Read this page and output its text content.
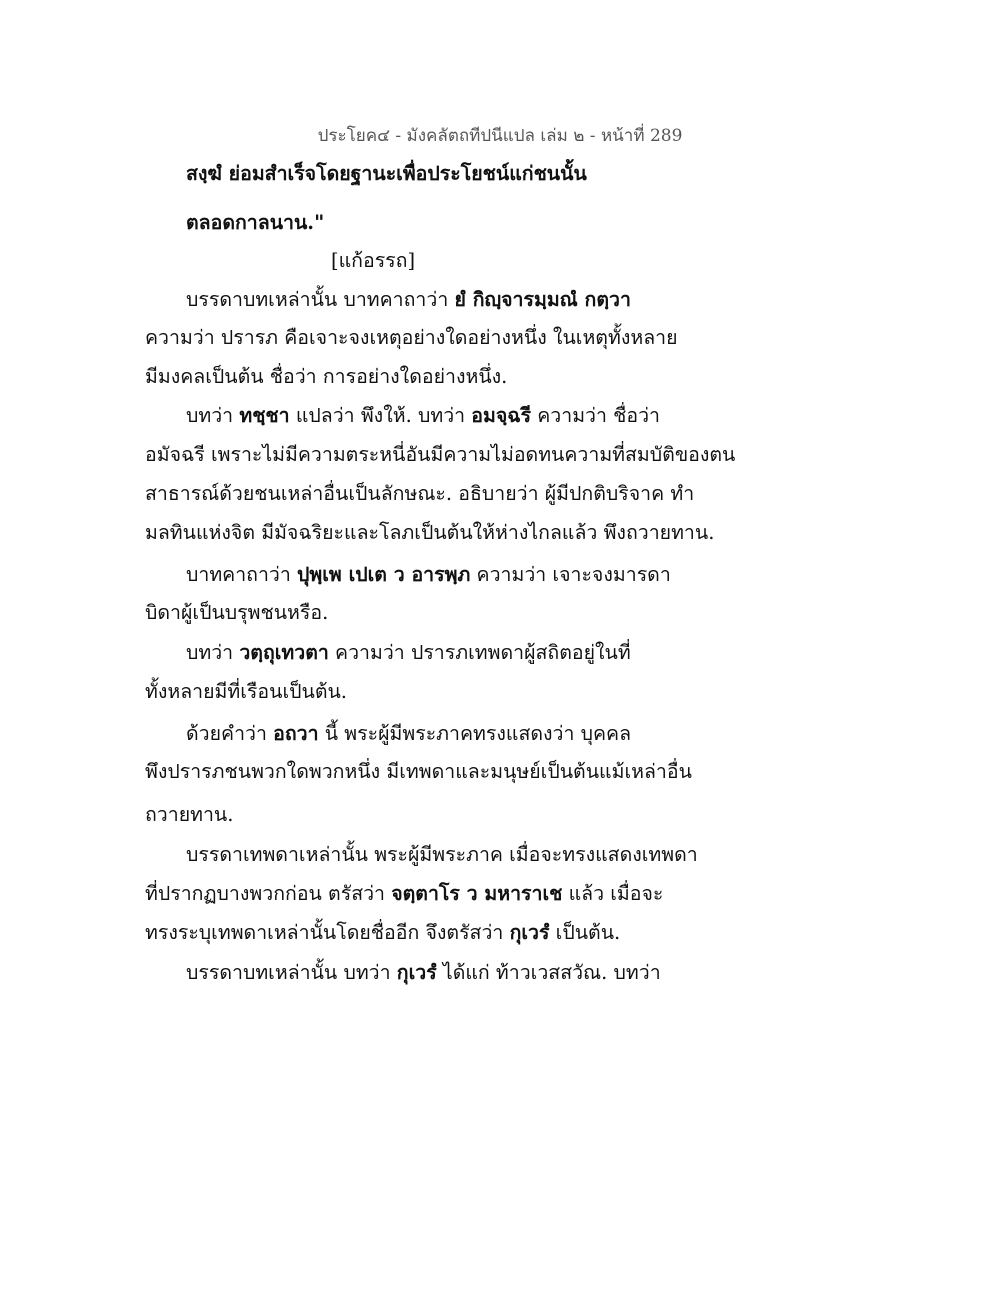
ประโยค๔ - มังคลัตถทีปนีแปล เล่ม ๒ - หน้าที่ 289
สงฺฆํ ย่อมสำเร็จโดยฐานะเพื่อประโยชน์แก่ชนนั้น
ตลอดกาลนาน."
[แก้อรรถ]
บรรดาบทเหล่านั้น บาทคาถาว่า ยํ กิญฺจารมฺมณํ กตฺวา
ความว่า ปรารภ คือเจาะจงเหตุอย่างใดอย่างหนึ่ง ในเหตุทั้งหลาย
มีมงคลเป็นต้น ชื่อว่า การอย่างใดอย่างหนึ่ง.
บทว่า ทชฺชา แปลว่า พึงให้. บทว่า อมจฺฉรี ความว่า ชื่อว่า
อมัจฉรี เพราะไม่มีความตระหนี่อันมีความไม่อดทนความที่สมบัติของตน
สาธารณ์ด้วยชนเหล่าอื่นเป็นลักษณะ. อธิบายว่า ผู้มีปกติบริจาค ทำ
มลทินแห่งจิต มีมัจฉริยะและโลภเป็นต้นให้ห่างไกลแล้ว พึงถวายทาน.
บาทคาถาว่า ปุพฺเพ เปเต ว อารพฺภ ความว่า เจาะจงมารดา
บิดาผู้เป็นบรุพชนหรือ.
บทว่า วตฺถุเทวตา ความว่า ปรารภเทพดาผู้สถิตอยู่ในที่
ทั้งหลายมีที่เรือนเป็นต้น.
ด้วยคำว่า อถวา นี้ พระผู้มีพระภาคทรงแสดงว่า บุคคล
พึงปรารภชนพวกใดพวกหนึ่ง มีเทพดาและมนุษย์เป็นต้นแม้เหล่าอื่น
ถวายทาน.
บรรดาเทพดาเหล่านั้น พระผู้มีพระภาค เมื่อจะทรงแสดงเทพดา
ที่ปรากฏบางพวกก่อน ตรัสว่า จตฺตาโร ว มหาราเช แล้ว เมื่อจะ
ทรงระบุเทพดาเหล่านั้นโดยชื่ออีก จึงตรัสว่า กุเวรํ เป็นต้น.
บรรดาบทเหล่านั้น บทว่า กุเวรํ ได้แก่ ท้าวเวสสวัณ. บทว่า
